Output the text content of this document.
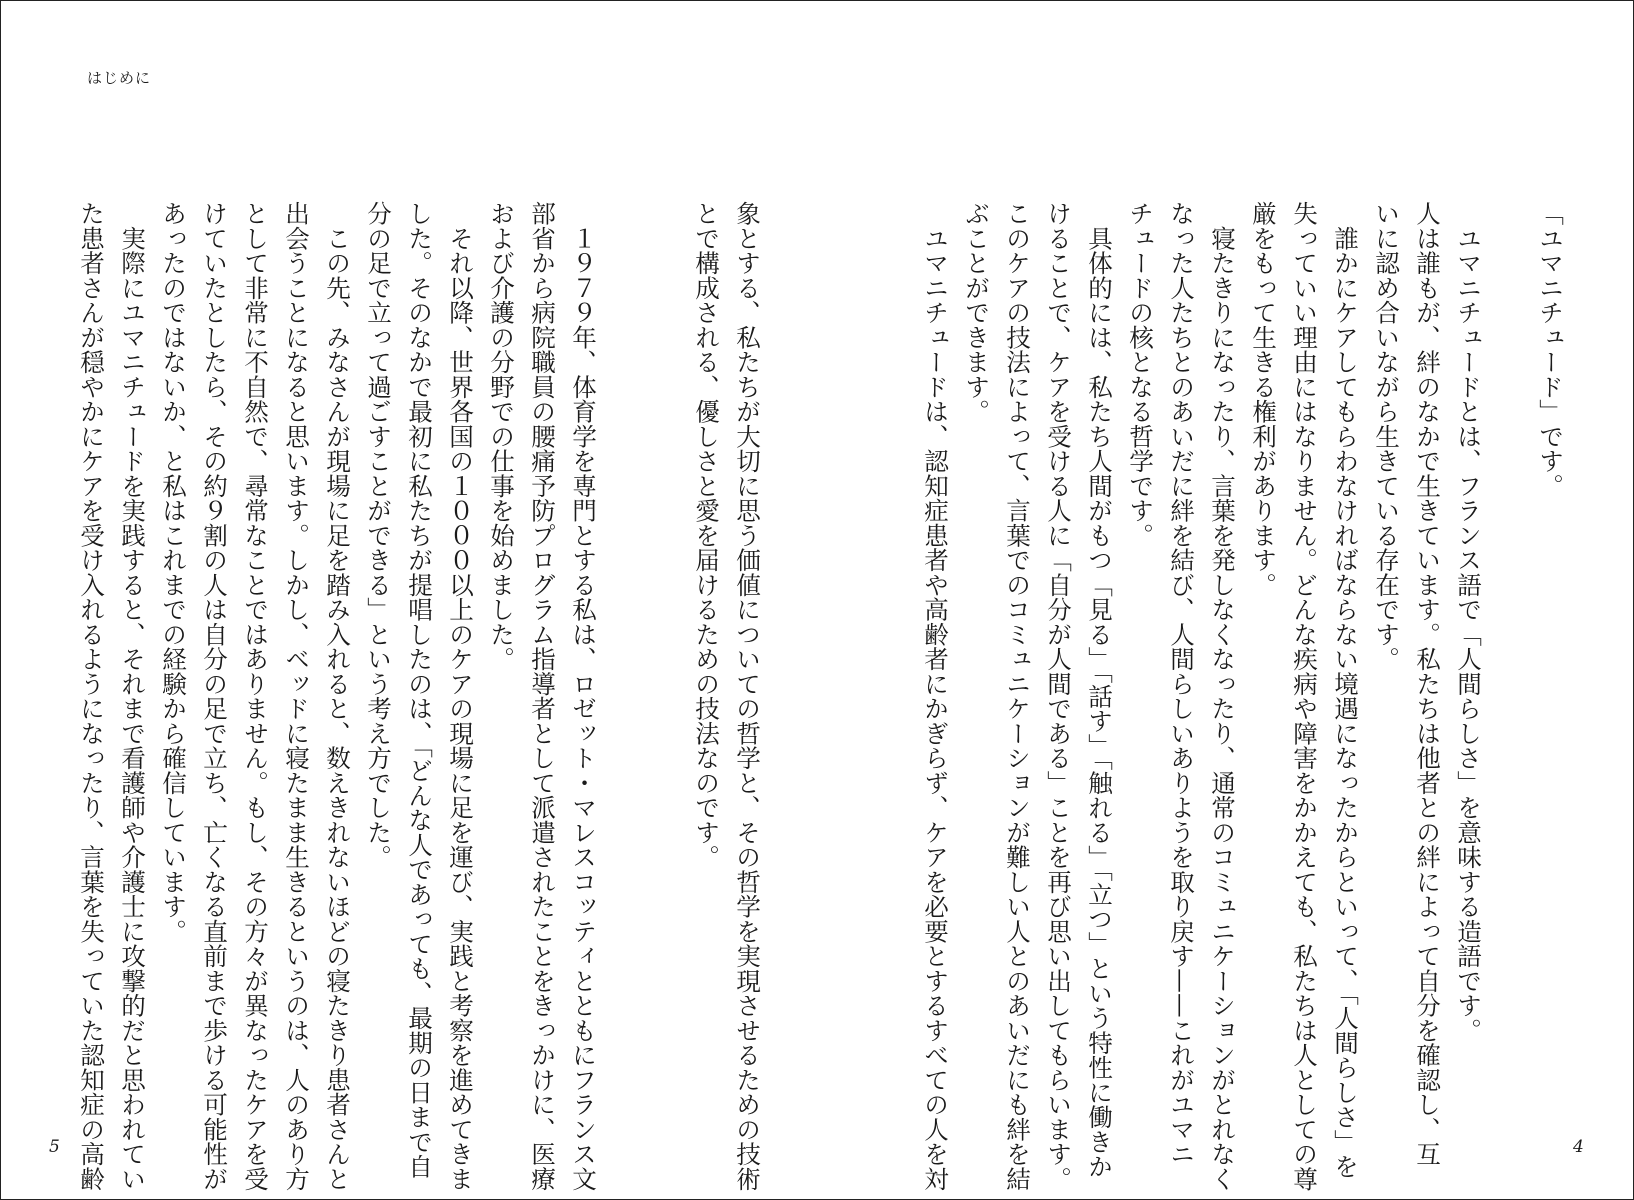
はじめに
「ユマニチュード」です。

　ユマニチュードとは、フランス語で「人間らしさ」を意味する造語です。
人は誰もが、絆のなかで生きています。私たちは他者との絆によって自分を確認し、互
いに認め合いながら生きている存在です。
　誰かにケアしてもらわなければならない境遇になったからといって、「人間らしさ」を
失っていい理由にはなりません。どんな疾病や障害をかかえても、私たちは人としての尊
厳をもって生きる権利があります。
　寝たきりになったり、言葉を発しなくなったり、通常のコミュニケーションがとれなく
なった人たちとのあいだに絆を結び、人間らしいありようを取り戻す——これがユマニ
チュードの核となる哲学です。
　具体的には、私たち人間がもつ「見る」「話す」「触れる」「立つ」という特性に働きか
けることで、ケアを受ける人に「自分が人間である」ことを再び思い出してもらいます。
このケアの技法によって、言葉でのコミュニケーションが難しい人とのあいだにも絆を結
ぶことができます。
　ユマニチュードは、認知症患者や高齢者にかぎらず、ケアを必要とするすべての人を対
象とする、私たちが大切に思う価値についての哲学と、その哲学を実現させるための技術
とで構成される、優しさと愛を届けるための技法なのです。

　１９７９年、体育学を専門とする私は、ロゼット・マレスコッティとともにフランス文
部省から病院職員の腰痛予防プログラム指導者として派遣されたことをきっかけに、医療
および介護の分野での仕事を始めました。
　それ以降、世界各国の１０００以上のケアの現場に足を運び、実践と考察を進めてきま
した。そのなかで最初に私たちが提唱したのは、「どんな人であっても、最期の日まで自
分の足で立って過ごすことができる」という考え方でした。
　この先、みなさんが現場に足を踏み入れると、数えきれないほどの寝たきり患者さんと
出会うことになると思います。しかし、ベッドに寝たまま生きるというのは、人のあり方
として非常に不自然で、尋常なことではありません。もし、その方々が異なったケアを受
けていたとしたら、その約９割の人は自分の足で立ち、亡くなる直前まで歩ける可能性が
あったのではないか、と私はこれまでの経験から確信しています。
　実際にユマニチュードを実践すると、それまで看護師や介護士に攻撃的だと思われてい
た患者さんが穏やかにケアを受け入れるようになったり、言葉を失っていた認知症の高齢
5	4
